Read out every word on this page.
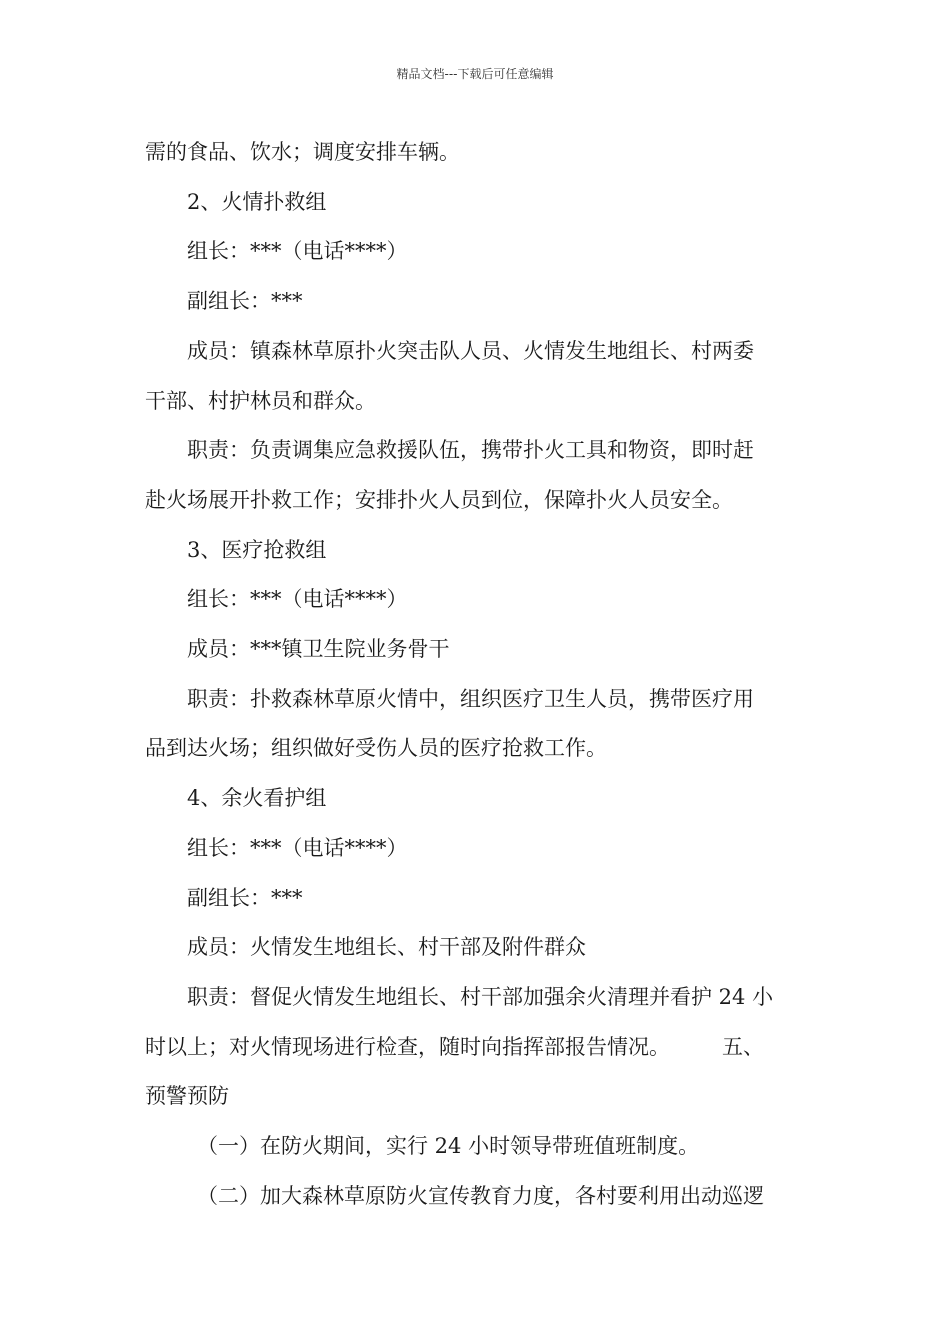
精品文档---下载后可任意编辑

需的食品、饮水；调度安排车辆。

2、火情扑救组

组长：***（电话****）

副组长：***

成员：镇森林草原扑火突击队人员、火情发生地组长、村两委

干部、村护林员和群众。

职责：负责调集应急救援队伍，携带扑火工具和物资，即时赶

赴火场展开扑救工作；安排扑火人员到位，保障扑火人员安全。

3、医疗抢救组

组长：***（电话****）

成员：***镇卫生院业务骨干

职责：扑救森林草原火情中，组织医疗卫生人员，携带医疗用

品到达火场；组织做好受伤人员的医疗抢救工作。

4、余火看护组

组长：***（电话****）

副组长：***

成员：火情发生地组长、村干部及附件群众

职责：督促火情发生地组长、村干部加强余火清理并看护 24 小

时以上；对火情现场进行检查，随时向指挥部报告情况。 五、

预警预防

（一）在防火期间，实行 24 小时领导带班值班制度。

（二）加大森林草原防火宣传教育力度，各村要利用出动巡逻
